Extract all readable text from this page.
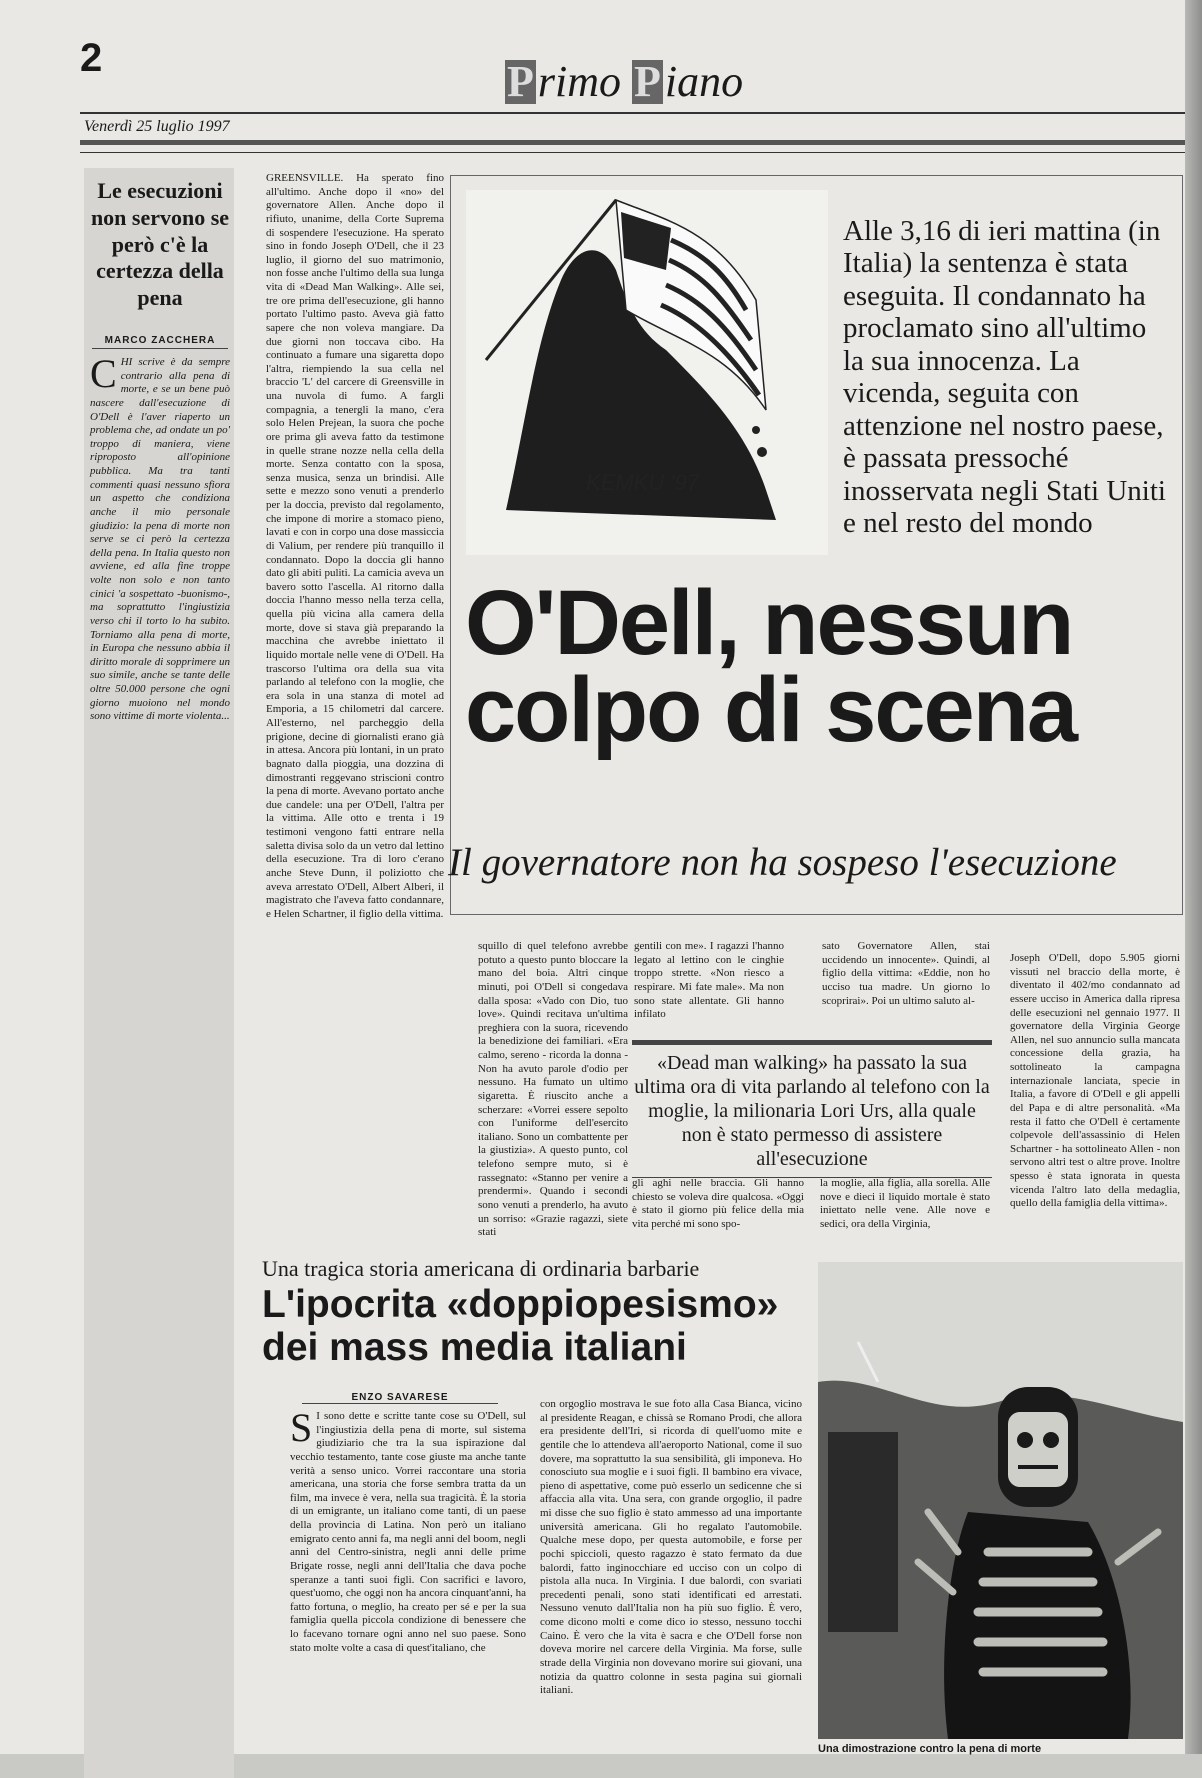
2	Primo Piano
Venerdì 25 luglio 1997
Le esecuzioni non servono se però c'è la certezza della pena
MARCO ZACCHERA
CHI scrive è da sempre contrario alla pena di morte, e se un bene può nascere dall'esecuzione di O'Dell è l'aver riaperto un problema che, ad ondate un po' troppo di maniera, viene riproposto all'opinione pubblica. Ma tra tanti commenti quasi nessuno sfiora un aspetto che condiziona anche il mio personale giudizio: la pena di morte non serve se ci però la certezza della pena. In Italia questo non avviene, ed alla fine troppe volte non solo e non tanto cinici 'a sospettato -buonismo-, ma soprattutto l'ingiustizia verso chi il torto lo ha subito. Torniamo alla pena di morte, in Europa che nessuno abbia il diritto morale di sopprimere un suo simile, anche se tante delle oltre 50.000 persone che ogni giorno muoiono nel mondo sono vittime di morte violenta...
GREENSVILLE. Ha sperato fino all'ultimo. Anche dopo il «no» del governatore Allen. Anche dopo il rifiuto, unanime, della Corte Suprema di sospendere l'esecuzione. Ha sperato sino in fondo Joseph O'Dell, che il 23 luglio, il giorno del suo matrimonio, non fosse anche l'ultimo della sua lunga vita di «Dead Man Walking». Alle sei, tre ore prima dell'esecuzione, gli hanno portato l'ultimo pasto. Aveva già fatto sapere che non voleva mangiare. Da due giorni non toccava cibo. Ha continuato a fumare una sigaretta dopo l'altra, riempiendo la sua cella nel braccio 'L' del carcere di Greensville in una nuvola di fumo. A fargli compagnia, a tenergli la mano, c'era solo Helen Prejean, la suora che poche ore prima gli aveva fatto da testimone in quelle strane nozze nella cella della morte. Senza contatto con la sposa, senza musica, senza un brindisi. Alle sette e mezzo sono venuti a prenderlo per la doccia, previsto dal regolamento, che impone di morire a stomaco pieno, lavati e con in corpo una dose massiccia di Valium, per rendere più tranquillo il condannato. Dopo la doccia gli hanno dato gli abiti puliti. La camicia aveva un bavero sotto l'ascella. Al ritorno dalla doccia l'hanno messo nella terza cella, quella più vicina alla camera della morte, dove si stava già preparando la macchina che avrebbe iniettato il liquido mortale nelle vene di O'Dell. Ha trascorso l'ultima ora della sua vita parlando al telefono con la moglie, che era sola in una stanza di motel ad Emporia, a 15 chilometri dal carcere. All'esterno, nel parcheggio della prigione, decine di giornalisti erano già in attesa. Ancora più lontani, in un prato bagnato dalla pioggia, una dozzina di dimostranti reggevano striscioni contro la pena di morte. Avevano portato anche due candele: una per O'Dell, l'altra per la vittima. Alle otto e trenta i 19 testimoni vengono fatti entrare nella saletta divisa solo da un vetro dal lettino della esecuzione. Tra di loro c'erano anche Steve Dunn, il poliziotto che aveva arrestato O'Dell, Albert Alberi, il magistrato che l'aveva fatto condannare, e Helen Schartner, il figlio della vittima.
KEMKU '97
Alle 3,16 di ieri mattina (in Italia) la sentenza è stata eseguita. Il condannato ha proclamato sino all'ultimo la sua innocenza. La vicenda, seguita con attenzione nel nostro paese, è passata pressoché inosservata negli Stati Uniti e nel resto del mondo
O'Dell, nessun colpo di scena
Il governatore non ha sospeso l'esecuzione
squillo di quel telefono avrebbe potuto a questo punto bloccare la mano del boia. Altri cinque minuti, poi O'Dell si congedava dalla sposa: «Vado con Dio, tuo love». Quindi recitava un'ultima preghiera con la suora, ricevendo la benedizione dei familiari. «Era calmo, sereno - ricorda la donna - Non ha avuto parole d'odio per nessuno. Ha fumato un ultimo sigaretta. È riuscito anche a scherzare: «Vorrei essere sepolto con l'uniforme dell'esercito italiano. Sono un combattente per la giustizia». A questo punto, col telefono sempre muto, si è rassegnato: «Stanno per venire a prendermi». Quando i secondi sono venuti a prenderlo, ha avuto un sorriso: «Grazie ragazzi, siete stati
gentili con me». I ragazzi l'hanno legato al lettino con le cinghie troppo strette. «Non riesco a respirare. Mi fate male». Ma non sono state allentate. Gli hanno infilato
sato Governatore Allen, stai uccidendo un innocente». Quindi, al figlio della vittima: «Eddie, non ho ucciso tua madre. Un giorno lo scoprirai». Poi un ultimo saluto al-
Joseph O'Dell, dopo 5.905 giorni vissuti nel braccio della morte, è diventato il 402/mo condannato ad essere ucciso in America dalla ripresa delle esecuzioni nel gennaio 1977. Il governatore della Virginia George Allen, nel suo annuncio sulla mancata concessione della grazia, ha sottolineato la campagna internazionale lanciata, specie in Italia, a favore di O'Dell e gli appelli del Papa e di altre personalità. «Ma resta il fatto che O'Dell è certamente colpevole dell'assassinio di Helen Schartner - ha sottolineato Allen - non servono altri test o altre prove. Inoltre spesso è stata ignorata in questa vicenda l'altro lato della medaglia, quello della famiglia della vittima».
«Dead man walking» ha passato la sua ultima ora di vita parlando al telefono con la moglie, la milionaria Lori Urs, alla quale non è stato permesso di assistere all'esecuzione
gli aghi nelle braccia. Gli hanno chiesto se voleva dire qualcosa. «Oggi è stato il giorno più felice della mia vita perché mi sono spo-
la moglie, alla figlia, alla sorella. Alle nove e dieci il liquido mortale è stato iniettato nelle vene. Alle nove e sedici, ora della Virginia,
Una tragica storia americana di ordinaria barbarie
L'ipocrita «doppiopesismo» dei mass media italiani
ENZO SAVARESE
S I sono dette e scritte tante cose su O'Dell, sul l'ingiustizia della pena di morte, sul sistema giudiziario che tra la sua ispirazione dal vecchio testamento, tante cose giuste ma anche tante verità a senso unico. Vorrei raccontare una storia americana, una storia che forse sembra tratta da un film, ma invece è vera, nella sua tragicità. È la storia di un emigrante, un italiano come tanti, di un paese della provincia di Latina. Non però un italiano emigrato cento anni fa, ma negli anni del boom, negli anni del Centro-sinistra, negli anni delle prime Brigate rosse, negli anni dell'Italia che dava poche speranze a tanti suoi figli. Con sacrifici e lavoro, quest'uomo, che oggi non ha ancora cinquant'anni, ha fatto fortuna, o meglio, ha creato per sé e per la sua famiglia quella piccola condizione di benessere che lo facevano tornare ogni anno nel suo paese. Sono stato molte volte a casa di quest'italiano, che
con orgoglio mostrava le sue foto alla Casa Bianca, vicino al presidente Reagan, e chissà se Romano Prodi, che allora era presidente dell'Iri, si ricorda di quell'uomo mite e gentile che lo attendeva all'aeroporto National, come il suo dovere, ma soprattutto la sua sensibilità, gli imponeva. Ho conosciuto sua moglie e i suoi figli. Il bambino era vivace, pieno di aspettative, come può esserlo un sedicenne che si affaccia alla vita. Una sera, con grande orgoglio, il padre mi disse che suo figlio è stato ammesso ad una importante università americana. Gli ho regalato l'automobile. Qualche mese dopo, per questa automobile, e forse per pochi spiccioli, questo ragazzo è stato fermato da due balordi, fatto inginocchiare ed ucciso con un colpo di pistola alla nuca. In Virginia. I due balordi, con svariati precedenti penali, sono stati identificati ed arrestati. Nessuno venuto dall'Italia non ha più suo figlio. È vero, come dicono molti e come dico io stesso, nessuno tocchi Caino. È vero che la vita è sacra e che O'Dell forse non doveva morire nel carcere della Virginia. Ma forse, sulle strade della Virginia non dovevano morire sui giovani, una notizia da quattro colonne in sesta pagina sui giornali italiani.
Una dimostrazione contro la pena di morte
